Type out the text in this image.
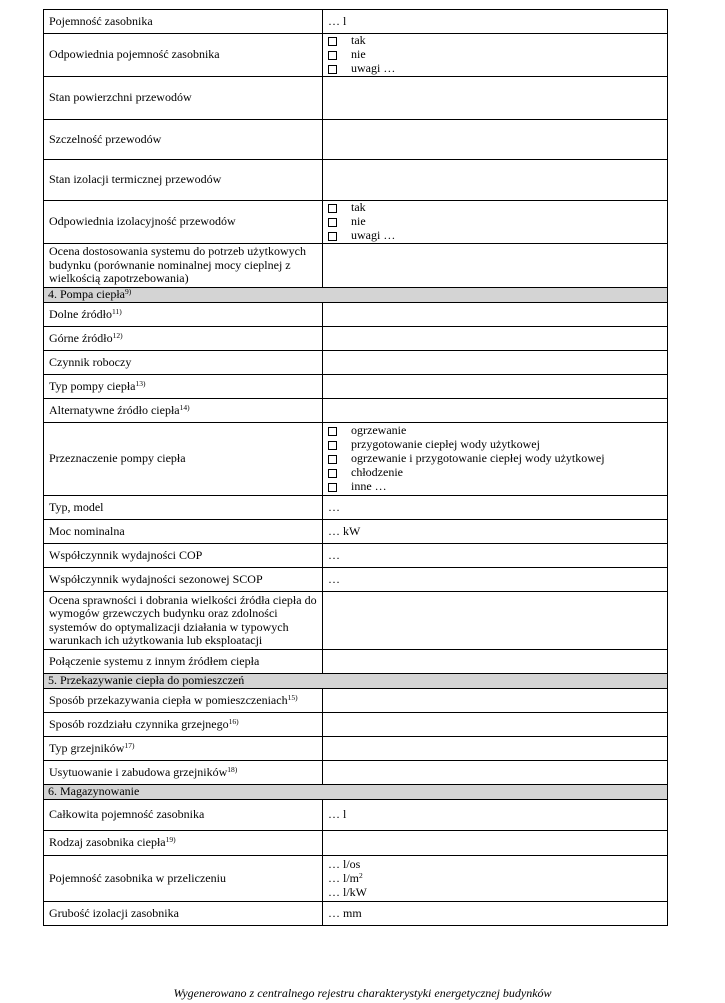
Pojemność zasobnika	… l
Odpowiednia pojemność zasobnika	tak
nie
uwagi …

Stan powierzchni przewodów	
Szczelność przewodów	
Stan izolacji termicznej przewodów	
Odpowiednia izolacyjność przewodów	tak
nie
uwagi …

Ocena dostosowania systemu do potrzeb użytkowych budynku (porównanie nominalnej mocy cieplnej z wielkością zapotrzebowania)	
4. Pompa ciepła$^{9)}$
Dolne źródło$^{11)}$	
Górne źródło$^{12)}$	
Czynnik roboczy	
Typ pompy ciepła$^{13)}$	
Alternatywne źródło ciepła$^{14)}$	
Przeznaczenie pompy ciepła	ogrzewanie
przygotowanie ciepłej wody użytkowej
ogrzewanie i przygotowanie ciepłej wody użytkowej
chłodzenie
inne …

Typ, model	…
Moc nominalna	… kW
Współczynnik wydajności COP	…
Współczynnik wydajności sezonowej SCOP	…
Ocena sprawności i dobrania wielkości źródła ciepła do wymogów grzewczych budynku oraz zdolności systemów do optymalizacji działania w typowych warunkach ich użytkowania lub eksploatacji	
Połączenie systemu z innym źródłem ciepła	
5. Przekazywanie ciepła do pomieszczeń	
Sposób przekazywania ciepła w pomieszczeniach$^{15)}$	
Sposób rozdziału czynnika grzejnego$^{16)}$	
Typ grzejników$^{17)}$	
Usytuowanie i zabudowa grzejników$^{18)}$	
6. Magazynowanie	
Całkowita pojemność zasobnika	… l
Rodzaj zasobnika ciepła$^{19)}$	
Pojemność zasobnika w przeliczeniu	… l/os
… $l/m^2$
… l/kW

Grubość izolacji zasobnika	… mm
Wygenerowano z centralnego rejestru charakterystyki energetycznej budynków
